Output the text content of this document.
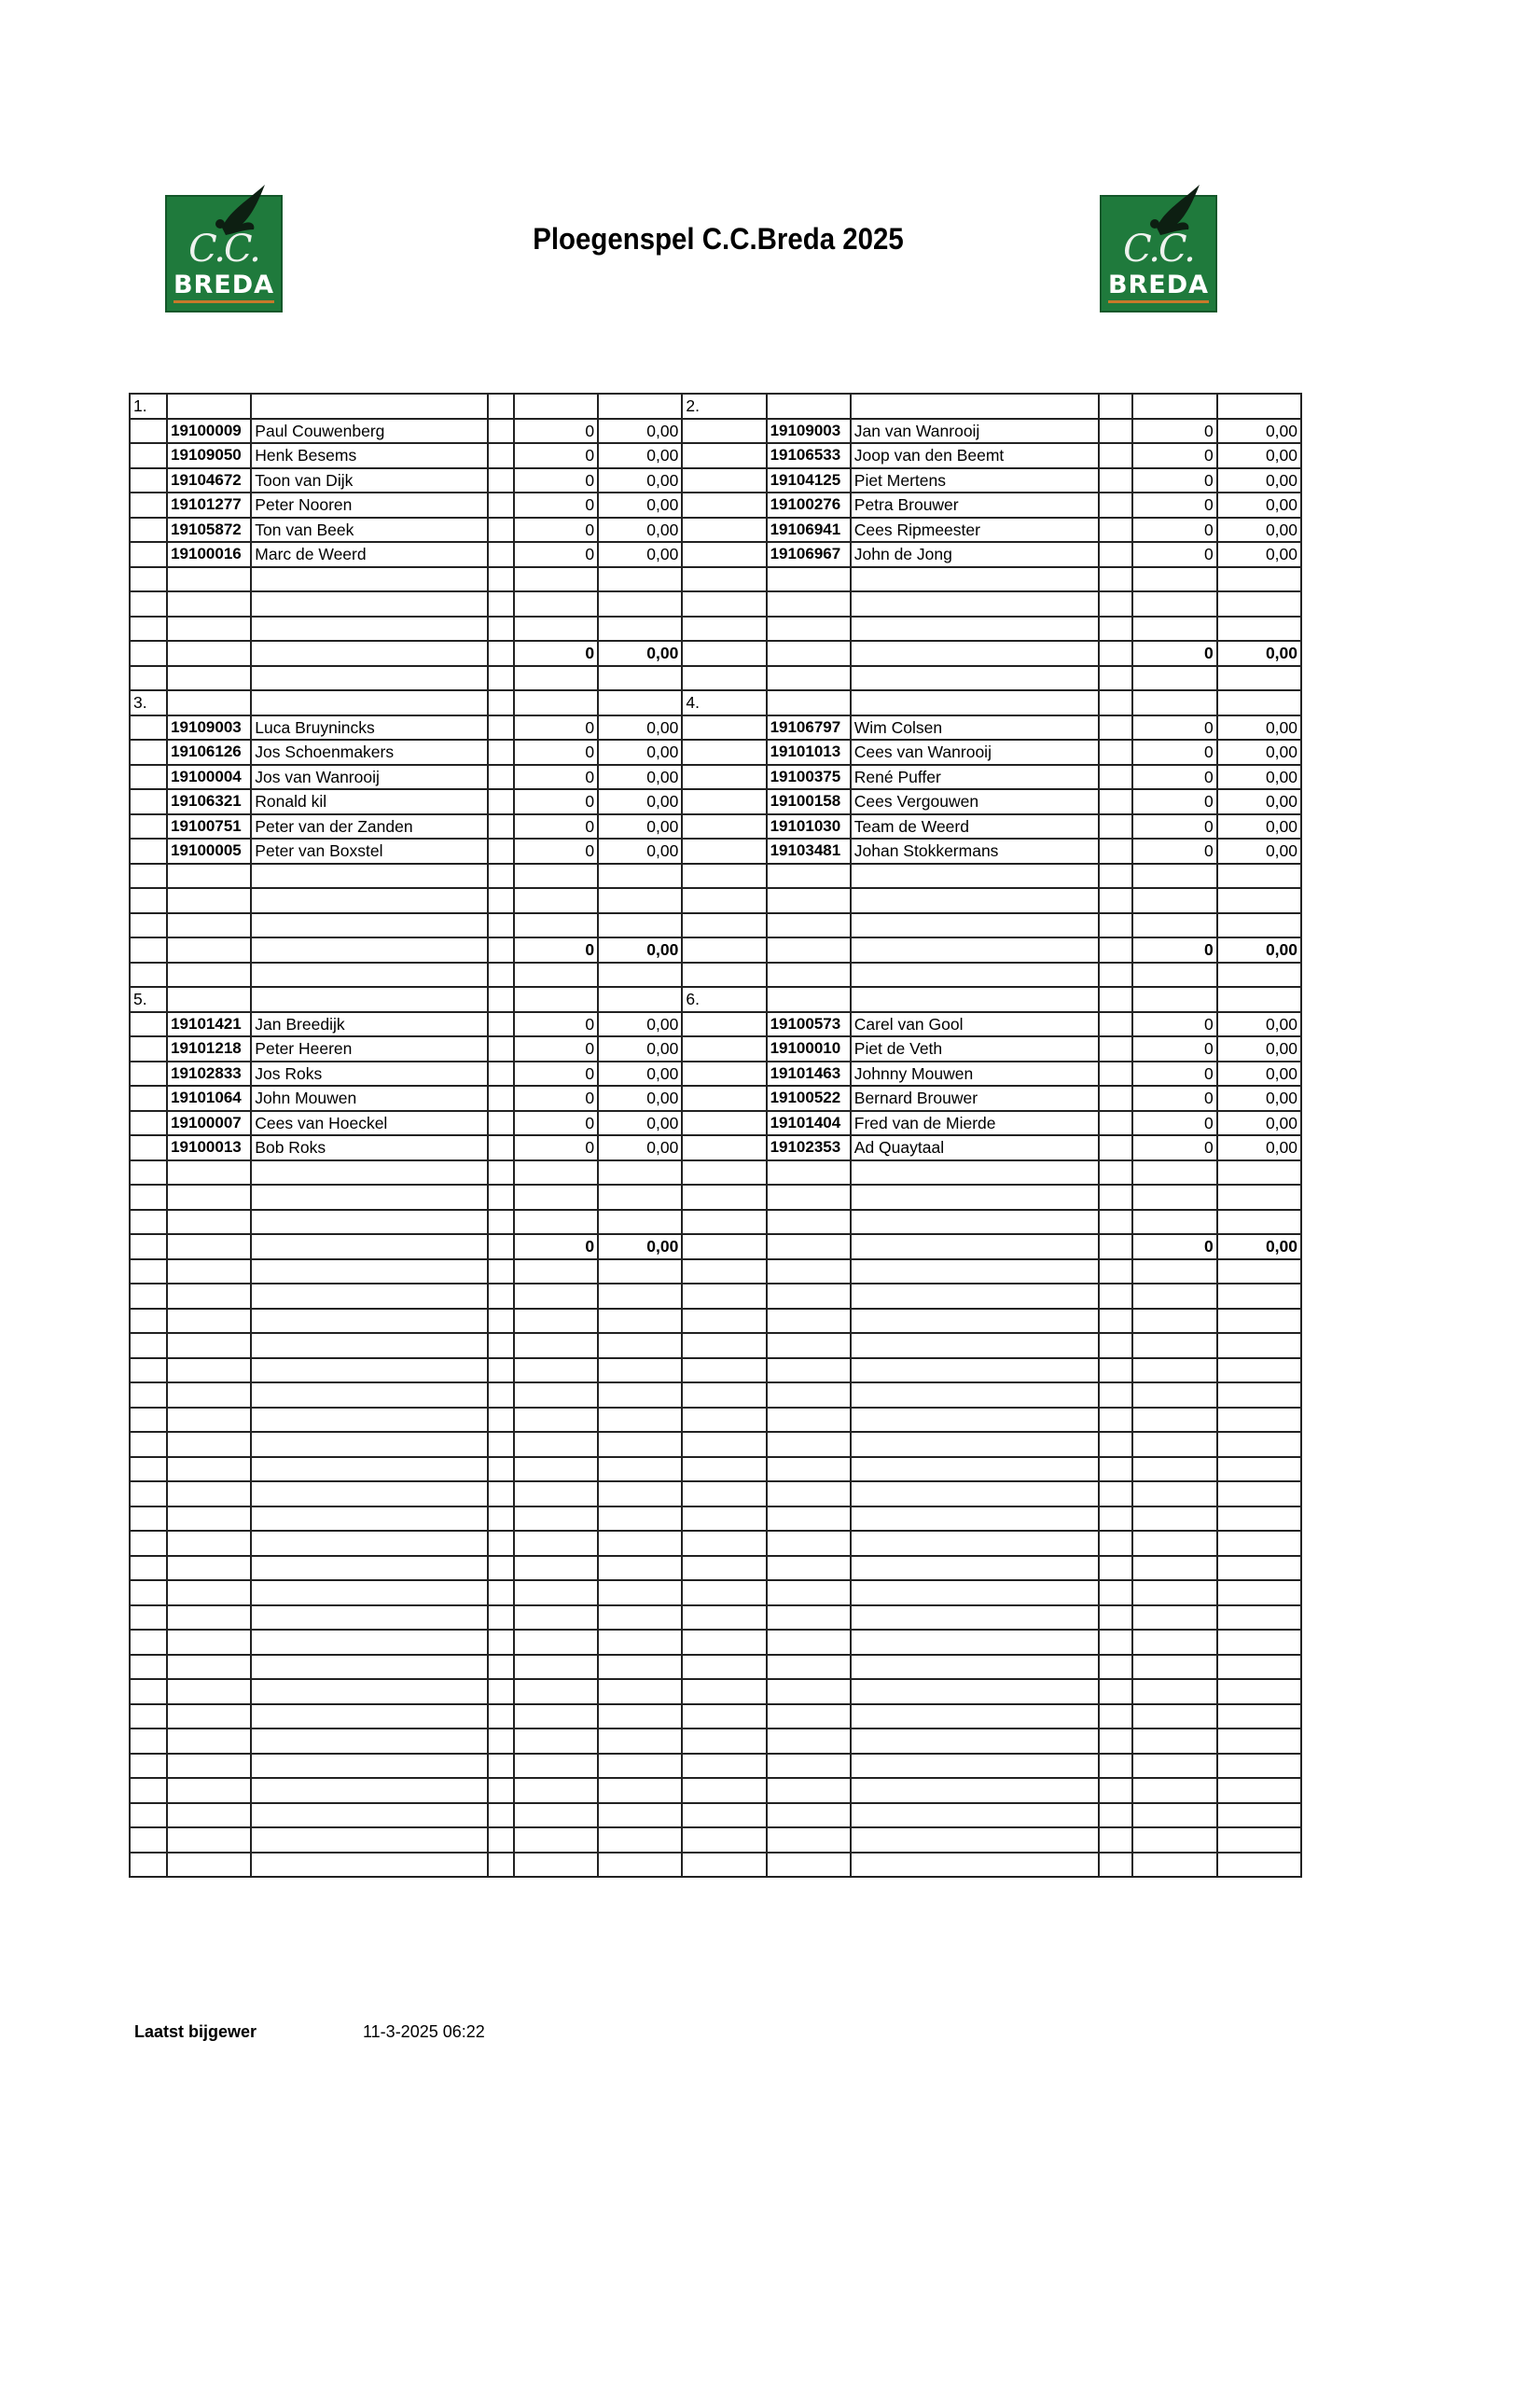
C.C.
BREDA
C.C.
BREDA
Ploegenspel C.C.Breda 2025
1.						2.					
	19100009	Paul Couwenberg		0	0,00		19109003	Jan van Wanrooij		0	0,00
	19109050	Henk Besems		0	0,00		19106533	Joop van den Beemt		0	0,00
	19104672	Toon van Dijk		0	0,00		19104125	Piet Mertens		0	0,00
	19101277	Peter Nooren		0	0,00		19100276	Petra Brouwer		0	0,00
	19105872	Ton van Beek		0	0,00		19106941	Cees Ripmeester		0	0,00
	19100016	Marc de Weerd		0	0,00		19106967	John de Jong		0	0,00

				0	0,00					0	0,00

3.						4.					
	19109003	Luca Bruynincks		0	0,00		19106797	Wim Colsen		0	0,00
	19106126	Jos Schoenmakers		0	0,00		19101013	Cees van Wanrooij		0	0,00
	19100004	Jos van Wanrooij		0	0,00		19100375	René Puffer		0	0,00
	19106321	Ronald kil		0	0,00		19100158	Cees Vergouwen		0	0,00
	19100751	Peter van der Zanden		0	0,00		19101030	Team de Weerd		0	0,00
	19100005	Peter van Boxstel		0	0,00		19103481	Johan Stokkermans		0	0,00

				0	0,00					0	0,00

5.						6.					
	19101421	Jan Breedijk		0	0,00		19100573	Carel van Gool		0	0,00
	19101218	Peter Heeren		0	0,00		19100010	Piet de Veth		0	0,00
	19102833	Jos Roks		0	0,00		19101463	Johnny Mouwen		0	0,00
	19101064	John Mouwen		0	0,00		19100522	Bernard Brouwer		0	0,00
	19100007	Cees van Hoeckel		0	0,00		19101404	Fred van de Mierde		0	0,00
	19100013	Bob Roks		0	0,00		19102353	Ad Quaytaal		0	0,00

				0	0,00					0	0,00

Laatst bijgewer	11-3-2025 06:22
